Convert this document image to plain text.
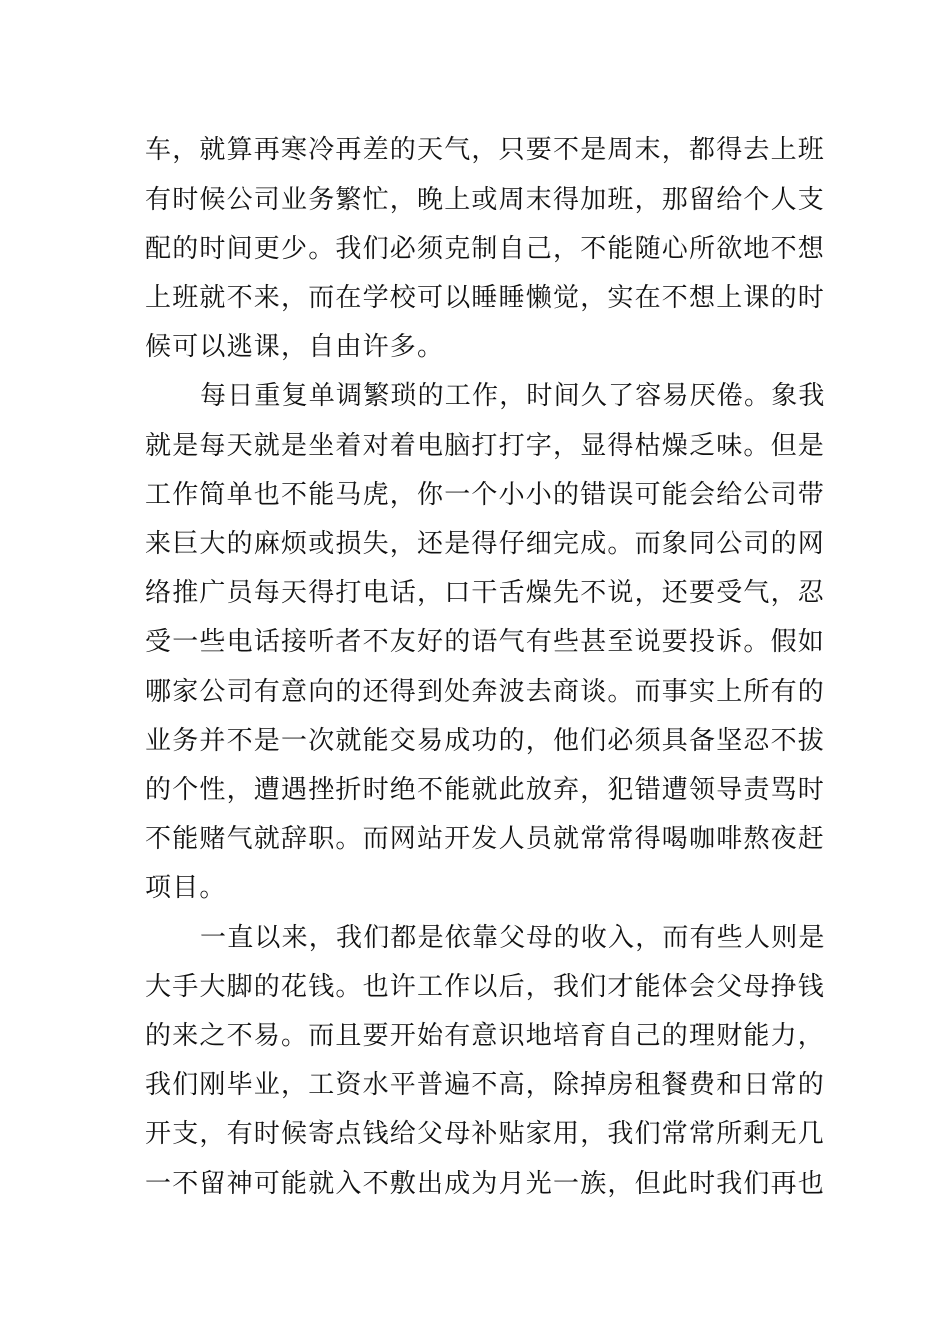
车，就算再寒冷再差的天气，只要不是周末，都得去上班
有时候公司业务繁忙，晚上或周末得加班，那留给个人支
配的时间更少。我们必须克制自己，不能随心所欲地不想
上班就不来，而在学校可以睡睡懒觉，实在不想上课的时
候可以逃课，自由许多。
每日重复单调繁琐的工作，时间久了容易厌倦。象我
就是每天就是坐着对着电脑打打字，显得枯燥乏味。但是
工作简单也不能马虎，你一个小小的错误可能会给公司带
来巨大的麻烦或损失，还是得仔细完成。而象同公司的网
络推广员每天得打电话，口干舌燥先不说，还要受气，忍
受一些电话接听者不友好的语气有些甚至说要投诉。假如
哪家公司有意向的还得到处奔波去商谈。而事实上所有的
业务并不是一次就能交易成功的，他们必须具备坚忍不拔
的个性，遭遇挫折时绝不能就此放弃，犯错遭领导责骂时
不能赌气就辞职。而网站开发人员就常常得喝咖啡熬夜赶
项目。
一直以来，我们都是依靠父母的收入，而有些人则是
大手大脚的花钱。也许工作以后，我们才能体会父母挣钱
的来之不易。而且要开始有意识地培育自己的理财能力，
我们刚毕业，工资水平普遍不高，除掉房租餐费和日常的
开支，有时候寄点钱给父母补贴家用，我们常常所剩无几
一不留神可能就入不敷出成为月光一族，但此时我们再也
